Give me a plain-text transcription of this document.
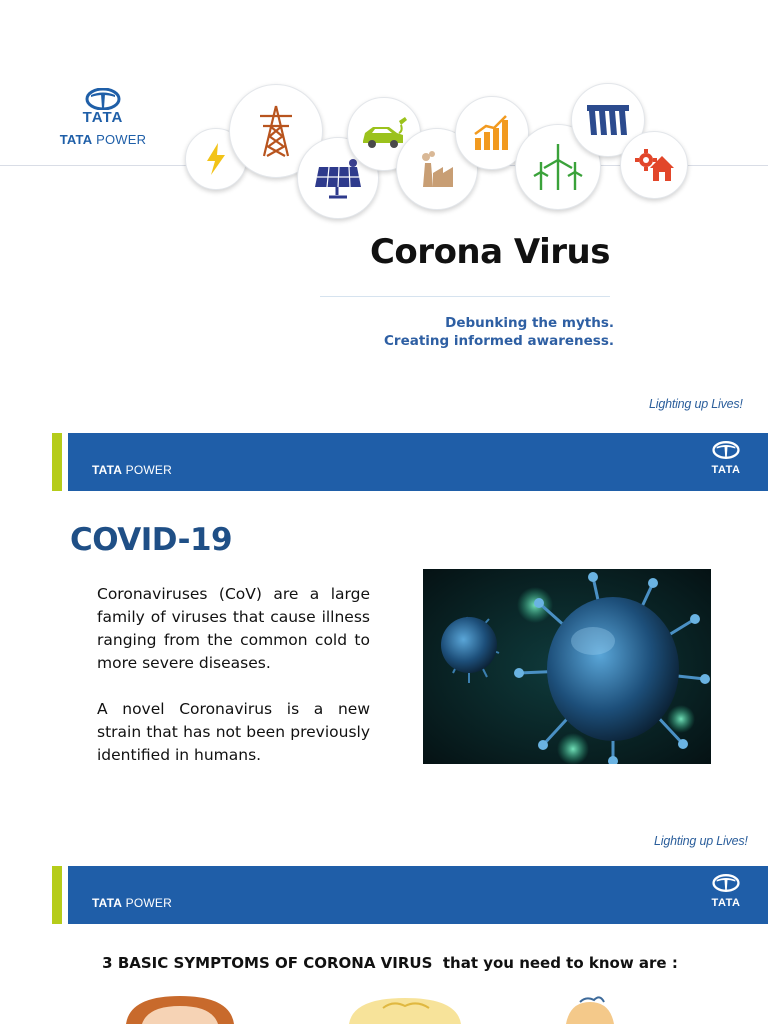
TATA
TATA POWER
Corona Virus
Debunking the myths.
Creating informed awareness.
Lighting up Lives!
TATA POWER	TATA
COVID-19

Coronaviruses (CoV) are a large family of viruses that cause illness ranging from the common cold to more severe diseases.

A novel Coronavirus is a new strain that has not been previously identified in humans.

Lighting up Lives!
TATA POWER	TATA
3 BASIC SYMPTOMS OF CORONA VIRUS  that you need to know are :
